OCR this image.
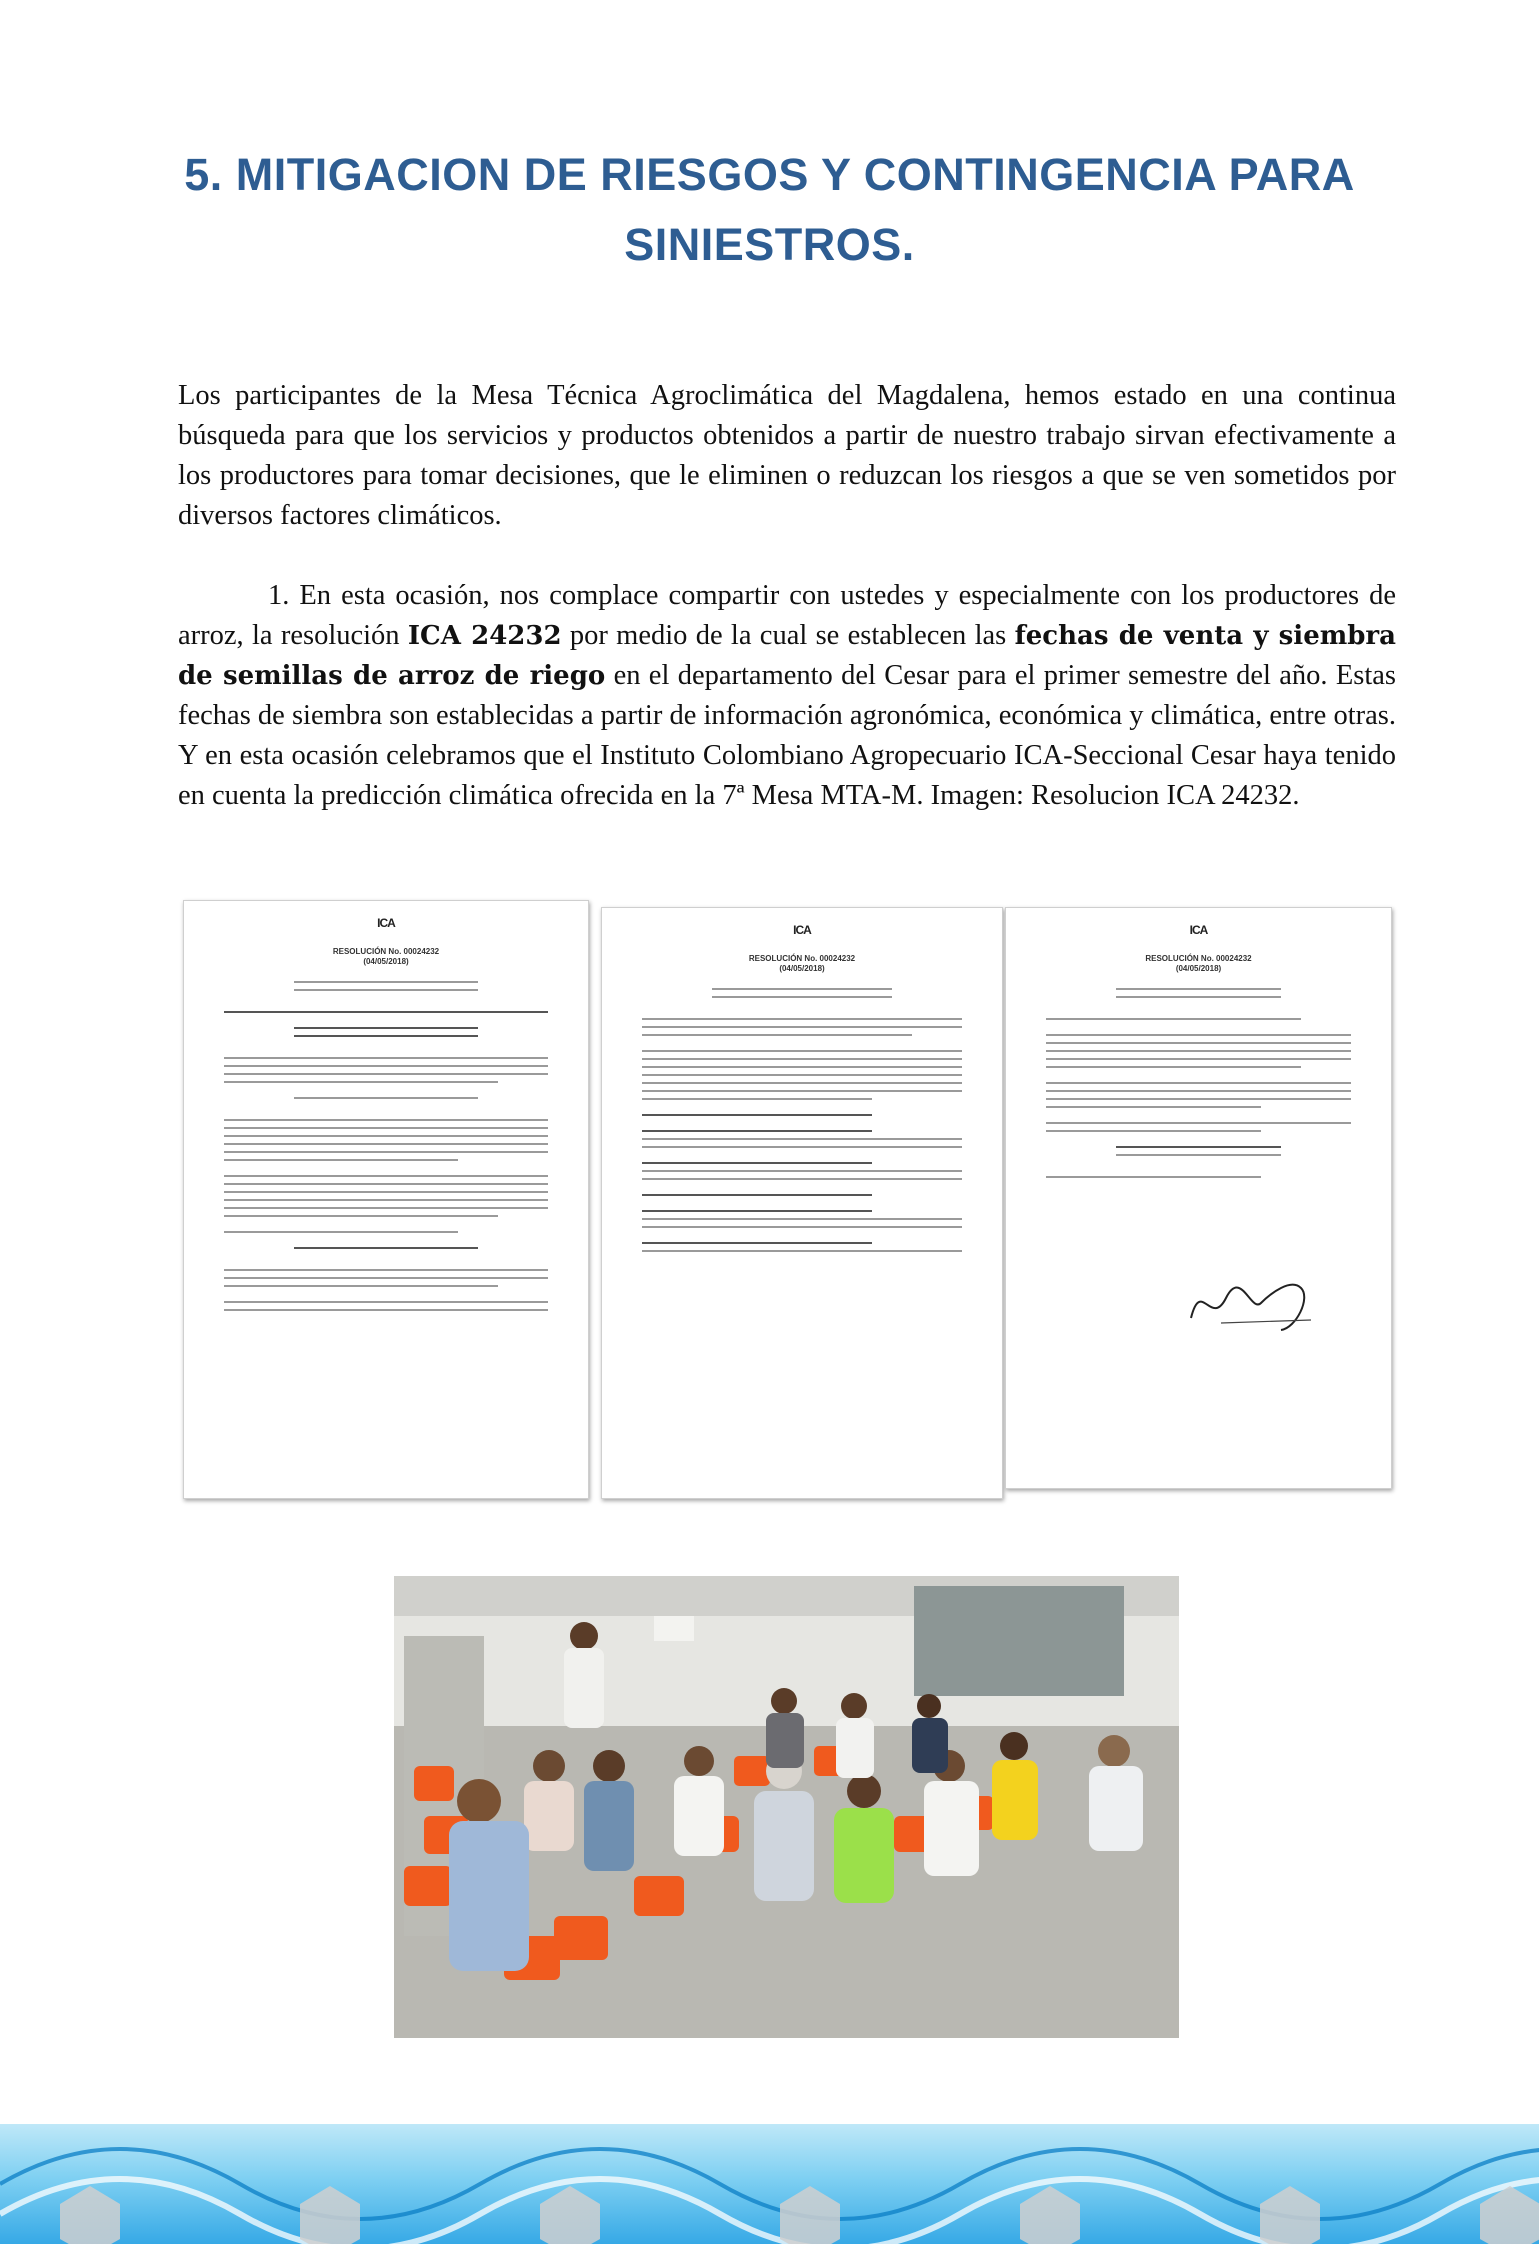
5. MITIGACION DE RIESGOS Y CONTINGENCIA PARA
SINIESTROS.

Los participantes de la Mesa Técnica Agroclimática del Magdalena, hemos estado en una continua búsqueda para que los servicios y productos obtenidos a partir de nuestro trabajo sirvan efectivamente a los productores para tomar decisiones, que le eliminen o reduzcan los riesgos a que se ven sometidos por diversos factores climáticos.

1. En esta ocasión, nos complace compartir con ustedes y especialmente con los productores de arroz, la resolución ICA 24232 por medio de la cual se establecen las fechas de venta y siembra de semillas de arroz de riego en el departamento del Cesar para el primer semestre del año. Estas fechas de siembra son establecidas a partir de información agronómica, económica y climática, entre otras. Y en esta ocasión celebramos que el Instituto Colombiano Agropecuario ICA-Seccional Cesar haya tenido en cuenta la predicción climática ofrecida en la 7ª Mesa MTA-M. Imagen: Resolucion ICA 24232.

$^{ICA}$
RESOLUCIÓN No. 00024232
(04/05/2018)
$^{ICA}$
RESOLUCIÓN No. 00024232
(04/05/2018)
$^{ICA}$
RESOLUCIÓN No. 00024232
(04/05/2018)
